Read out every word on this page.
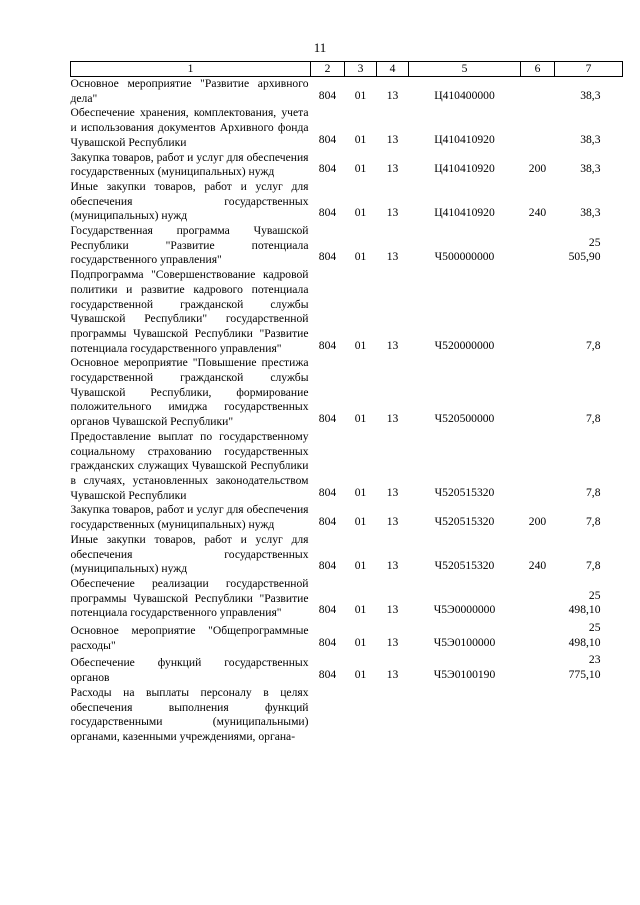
11
1	2	3	4	5	6	7
Основное мероприятие "Развитие архивного дела"	804	01	13	Ц410400000		38,3
Обеспечение хранения, комплектования, учета и использования документов Архивного фонда Чувашской Республики	804	01	13	Ц410410920		38,3
Закупка товаров, работ и услуг для обеспечения государственных (муниципальных) нужд	804	01	13	Ц410410920	200	38,3
Иные закупки товаров, работ и услуг для обеспечения государственных (муниципальных) нужд	804	01	13	Ц410410920	240	38,3
Государственная программа Чувашской Республики "Развитие потенциала государственного управления"	804	01	13	Ч500000000		25 505,90
Подпрограмма "Совершенствование кадровой политики и развитие кадрового потенциала государственной гражданской службы Чувашской Республики" государственной программы Чувашской Республики "Развитие потенциала государственного управления"	804	01	13	Ч520000000		7,8
Основное мероприятие "Повышение престижа государственной гражданской службы Чувашской Республики, формирование положительного имиджа государственных органов Чувашской Республики"	804	01	13	Ч520500000		7,8
Предоставление выплат по государственному социальному страхованию государственных гражданских служащих Чувашской Республики в случаях, установленных законодательством Чувашской Республики	804	01	13	Ч520515320		7,8
Закупка товаров, работ и услуг для обеспечения государственных (муниципальных) нужд	804	01	13	Ч520515320	200	7,8
Иные закупки товаров, работ и услуг для обеспечения государственных (муниципальных) нужд	804	01	13	Ч520515320	240	7,8
Обеспечение реализации государственной программы Чувашской Республики "Развитие потенциала государственного управления"	804	01	13	Ч5Э0000000		25 498,10
Основное мероприятие "Общепрограммные расходы"	804	01	13	Ч5Э0100000		25 498,10
Обеспечение функций государственных органов	804	01	13	Ч5Э0100190		23 775,10
Расходы на выплаты персоналу в целях обеспечения выполнения функций государственными (муниципальными) органами, казенными учреждениями, органа-						
